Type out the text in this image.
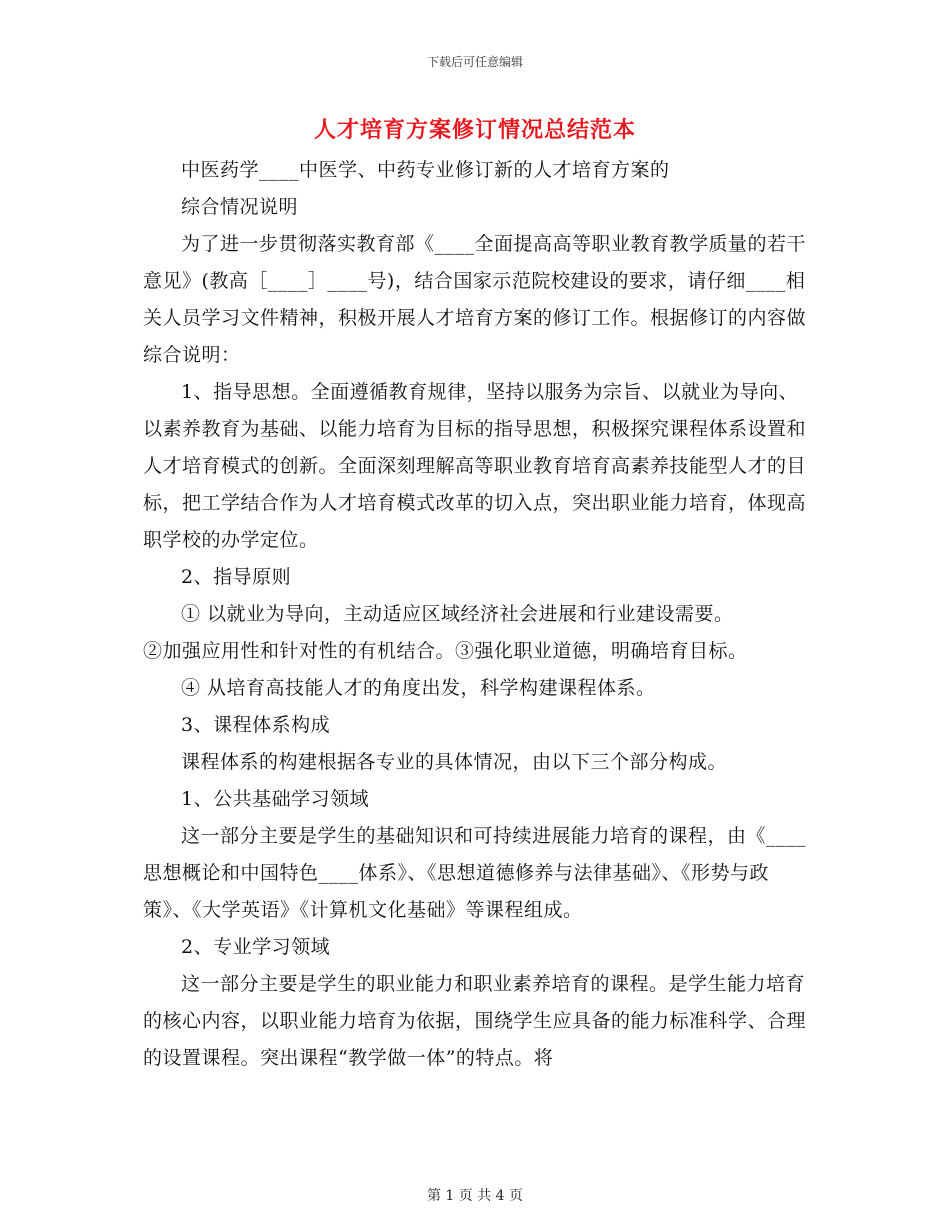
下载后可任意编辑
人才培育方案修订情况总结范本

中医药学____中医学、中药专业修订新的人才培育方案的

综合情况说明

为了进一步贯彻落实教育部《____全面提高高等职业教育教学质量的若干意见》(教高［____］____号)，结合国家示范院校建设的要求，请仔细____相关人员学习文件精神，积极开展人才培育方案的修订工作。根据修订的内容做综合说明：

1、指导思想。全面遵循教育规律，坚持以服务为宗旨、以就业为导向、以素养教育为基础、以能力培育为目标的指导思想，积极探究课程体系设置和人才培育模式的创新。全面深刻理解高等职业教育培育高素养技能型人才的目标，把工学结合作为人才培育模式改革的切入点，突出职业能力培育，体现高职学校的办学定位。

2、指导原则

① 以就业为导向，主动适应区域经济社会进展和行业建设需要。

②加强应用性和针对性的有机结合。③强化职业道德，明确培育目标。

④ 从培育高技能人才的角度出发，科学构建课程体系。

3、课程体系构成

课程体系的构建根据各专业的具体情况，由以下三个部分构成。

1、公共基础学习领域

这一部分主要是学生的基础知识和可持续进展能力培育的课程，由《____思想概论和中国特色____体系》、《思想道德修养与法律基础》、《形势与政策》、《大学英语》《计算机文化基础》等课程组成。

2、专业学习领域

这一部分主要是学生的职业能力和职业素养培育的课程。是学生能力培育的核心内容，以职业能力培育为依据，围绕学生应具备的能力标准科学、合理的设置课程。突出课程“教学做一体”的特点。将

第 1 页 共 4 页
